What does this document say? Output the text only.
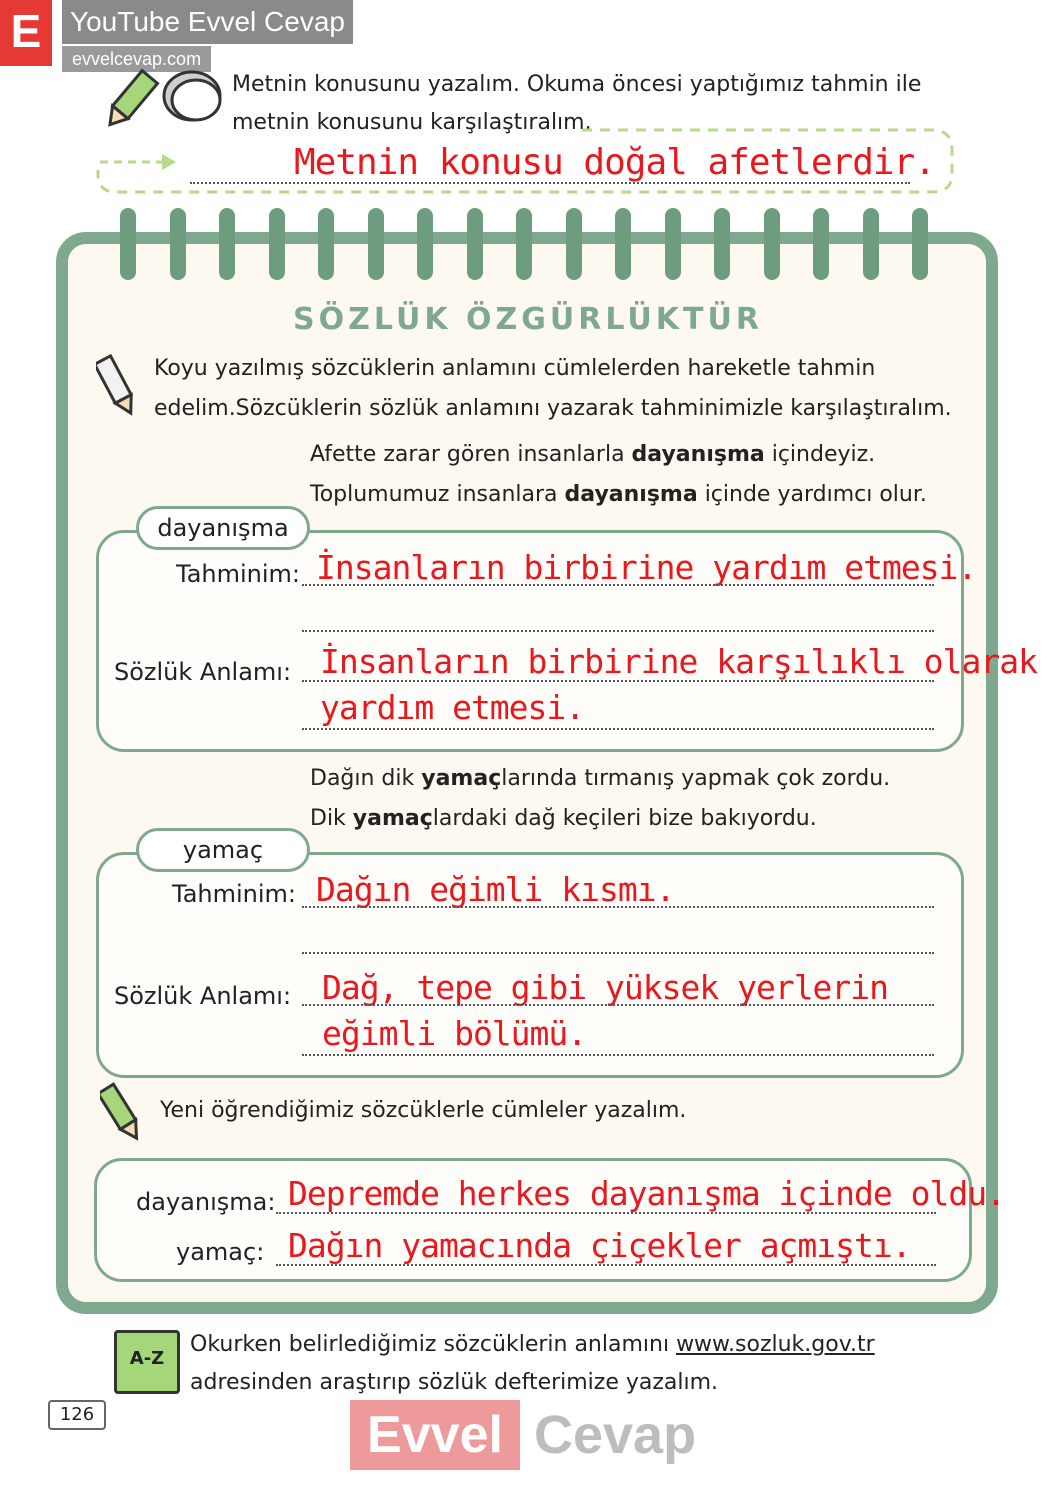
E	YouTube Evvel Cevap
evvelcevap.com
Metnin konusunu yazalım. Okuma öncesi yaptığımız tahmin ile
metnin konusunu karşılaştıralım.
Metnin konusu doğal afetlerdir.
SÖZLÜK ÖZGÜRLÜKTÜR
Koyu yazılmış sözcüklerin anlamını cümlelerden hareketle tahmin
edelim.Sözcüklerin sözlük anlamını yazarak tahminimizle karşılaştıralım.
Afette zarar gören insanlarla dayanışma içindeyiz.
Toplumumuz insanlara dayanışma içinde yardımcı olur.
dayanışma
Tahminim: İnsanların birbirine yardım etmesi.
Sözlük Anlamı: İnsanların birbirine karşılıklı olarak
yardım etmesi.
Dağın dik yamaçlarında tırmanış yapmak çok zordu.
Dik yamaçlardaki dağ keçileri bize bakıyordu.
yamaç
Tahminim: Dağın eğimli kısmı.
Sözlük Anlamı: Dağ, tepe gibi yüksek yerlerin
eğimli bölümü.
Yeni öğrendiğimiz sözcüklerle cümleler yazalım.
dayanışma: Depremde herkes dayanışma içinde oldu.
yamaç: Dağın yamacında çiçekler açmıştı.
A-Z
Okurken belirlediğimiz sözcüklerin anlamını www.sozluk.gov.tr
adresinden araştırıp sözlük defterimize yazalım.
126	Evvel Cevap
